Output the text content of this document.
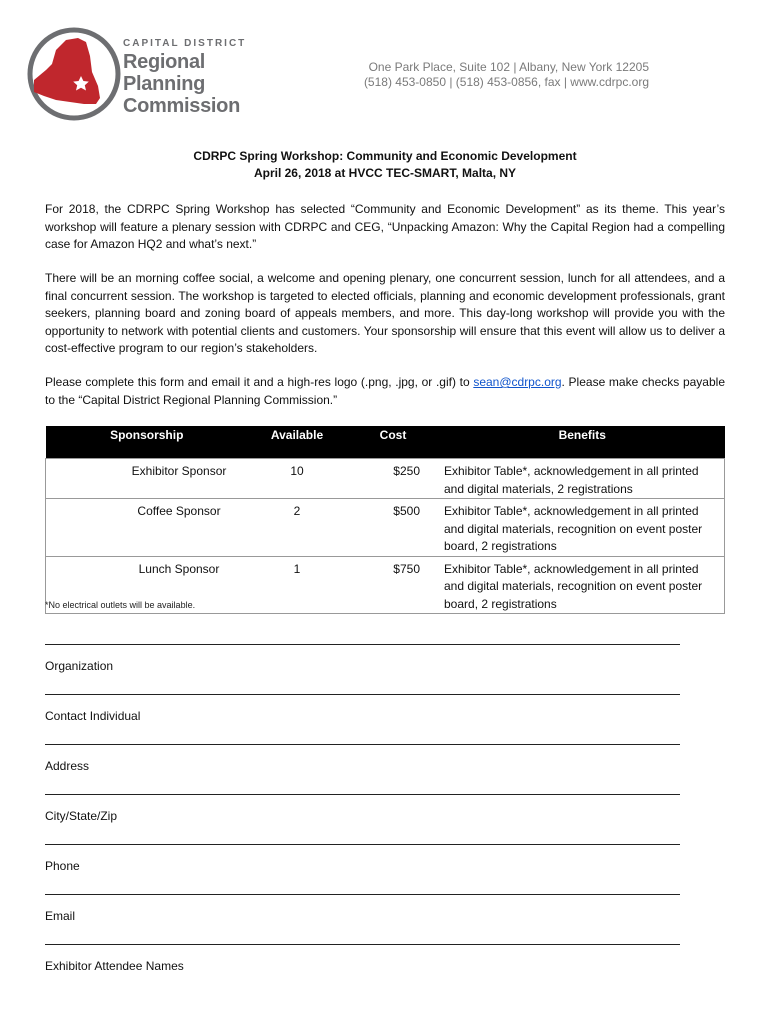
CAPITAL DISTRICT
Regional
Planning
Commission
One Park Place, Suite 102 | Albany, New York 12205
(518) 453-0850 | (518) 453-0856, fax | www.cdrpc.org
CDRPC Spring Workshop: Community and Economic Development
April 26, 2018 at HVCC TEC-SMART, Malta, NY
For 2018, the CDRPC Spring Workshop has selected “Community and Economic Development” as its theme. This year’s workshop will feature a plenary session with CDRPC and CEG, “Unpacking Amazon: Why the Capital Region had a compelling case for Amazon HQ2 and what’s next.”
There will be an morning coffee social, a welcome and opening plenary, one concurrent session, lunch for all attendees, and a final concurrent session. The workshop is targeted to elected officials, planning and economic development professionals, grant seekers, planning board and zoning board of appeals members, and more. This day-long workshop will provide you with the opportunity to network with potential clients and customers. Your sponsorship will ensure that this event will allow us to deliver a cost-effective program to our region’s stakeholders.
Please complete this form and email it and a high-res logo (.png, .jpg, or .gif) to sean@cdrpc.org. Please make checks payable to the “Capital District Regional Planning Commission.”
Sponsorship		Available	Cost	Benefits
	Exhibitor Sponsor	10	$250	Exhibitor Table*, acknowledgement in all printed and digital materials, 2 registrations
	Coffee Sponsor	2	$500	Exhibitor Table*, acknowledgement in all printed and digital materials, recognition on event poster board, 2 registrations
	Lunch Sponsor	1	$750	Exhibitor Table*, acknowledgement in all printed and digital materials, recognition on event poster board, 2 registrations
*No electrical outlets will be available.
Organization
Contact Individual
Address
City/State/Zip
Phone
Email
Exhibitor Attendee Names
